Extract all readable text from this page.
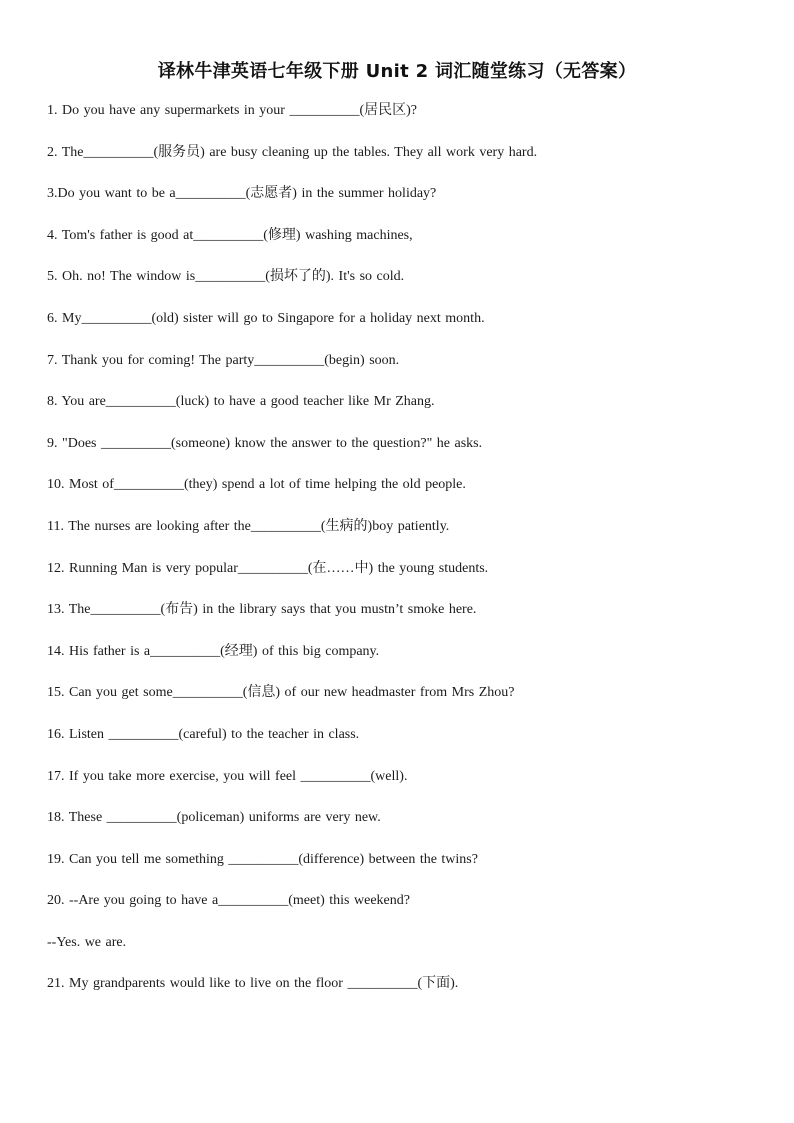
译林牛津英语七年级下册 Unit 2 词汇随堂练习（无答案）
1. Do you have any supermarkets in your __________(居民区)?
2. The__________(服务员) are busy cleaning up the tables. They all work very hard.
3.Do you want to be a__________(志愿者) in the summer holiday?
4. Tom's father is good at__________(修理) washing machines,
5. Oh. no! The window is__________(损坏了的). It's so cold.
6. My__________(old) sister will go to Singapore for a holiday next month.
7. Thank you for coming! The party__________(begin) soon.
8. You are__________(luck) to have a good teacher like Mr Zhang.
9. "Does __________(someone) know the answer to the question?" he asks.
10. Most of__________(they) spend a lot of time helping the old people.
11. The nurses are looking after the__________(生病的)boy patiently.
12. Running Man is very popular__________(在……中) the young students.
13. The__________(布告) in the library says that you mustn’t smoke here.
14. His father is a__________(经理) of this big company.
15. Can you get some__________(信息) of our new headmaster from Mrs Zhou?
16. Listen __________(careful) to the teacher in class.
17. If you take more exercise, you will feel __________(well).
18. These __________(policeman) uniforms are very new.
19. Can you tell me something __________(difference) between the twins?
20. --Are you going to have a__________(meet) this weekend?
--Yes. we are.
21. My grandparents would like to live on the floor __________(下面).
